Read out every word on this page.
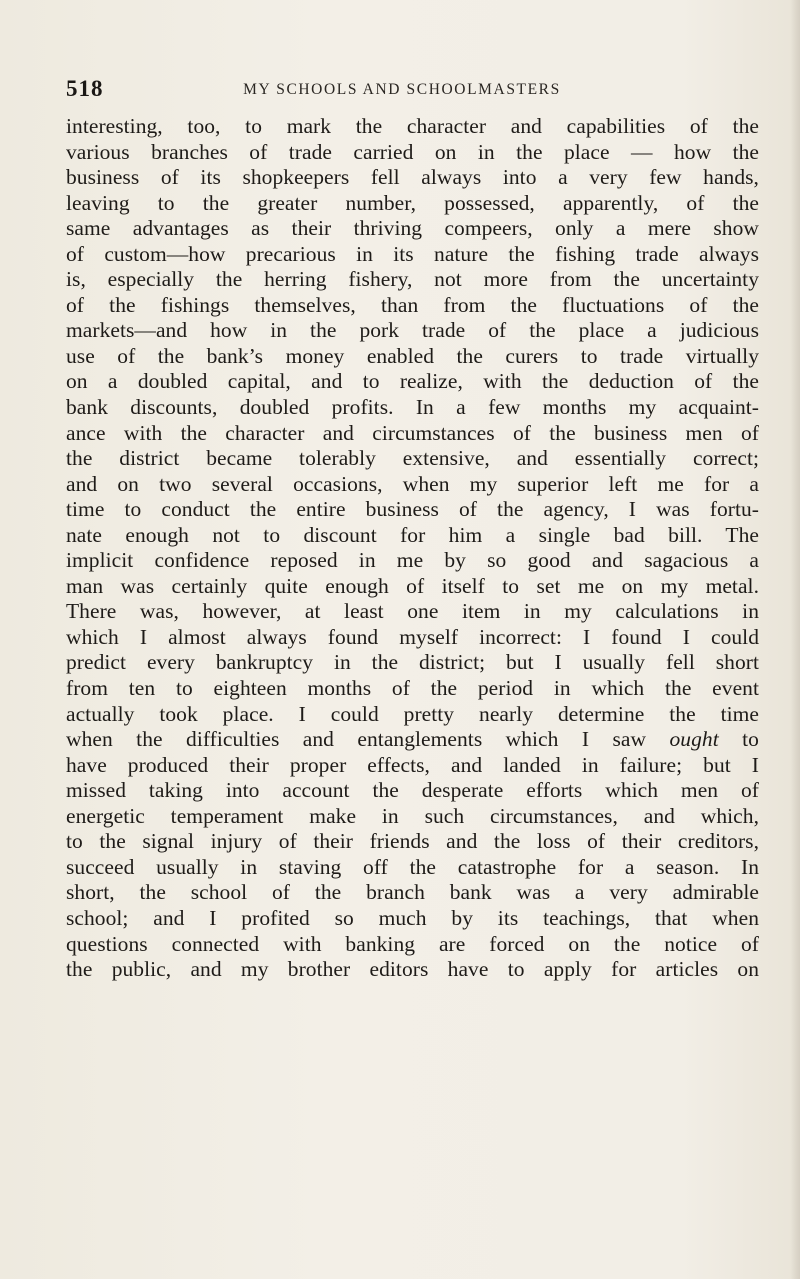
518	MY SCHOOLS AND SCHOOLMASTERS
interesting, too, to mark the character and capabilities of the
various branches of trade carried on in the place — how the
business of its shopkeepers fell always into a very few hands,
leaving to the greater number, possessed, apparently, of the
same advantages as their thriving compeers, only a mere show
of custom—how precarious in its nature the fishing trade always
is, especially the herring fishery, not more from the uncertainty
of the fishings themselves, than from the fluctuations of the
markets—and how in the pork trade of the place a judicious
use of the bank’s money enabled the curers to trade virtually
on a doubled capital, and to realize, with the deduction of the
bank discounts, doubled profits. In a few months my acquaint-
ance with the character and circumstances of the business men of
the district became tolerably extensive, and essentially correct;
and on two several occasions, when my superior left me for a
time to conduct the entire business of the agency, I was fortu-
nate enough not to discount for him a single bad bill. The
implicit confidence reposed in me by so good and sagacious a
man was certainly quite enough of itself to set me on my metal.
There was, however, at least one item in my calculations in
which I almost always found myself incorrect: I found I could
predict every bankruptcy in the district; but I usually fell short
from ten to eighteen months of the period in which the event
actually took place. I could pretty nearly determine the time
when the difficulties and entanglements which I saw ought to
have produced their proper effects, and landed in failure; but I
missed taking into account the desperate efforts which men of
energetic temperament make in such circumstances, and which,
to the signal injury of their friends and the loss of their creditors,
succeed usually in staving off the catastrophe for a season. In
short, the school of the branch bank was a very admirable
school; and I profited so much by its teachings, that when
questions connected with banking are forced on the notice of
the public, and my brother editors have to apply for articles on
